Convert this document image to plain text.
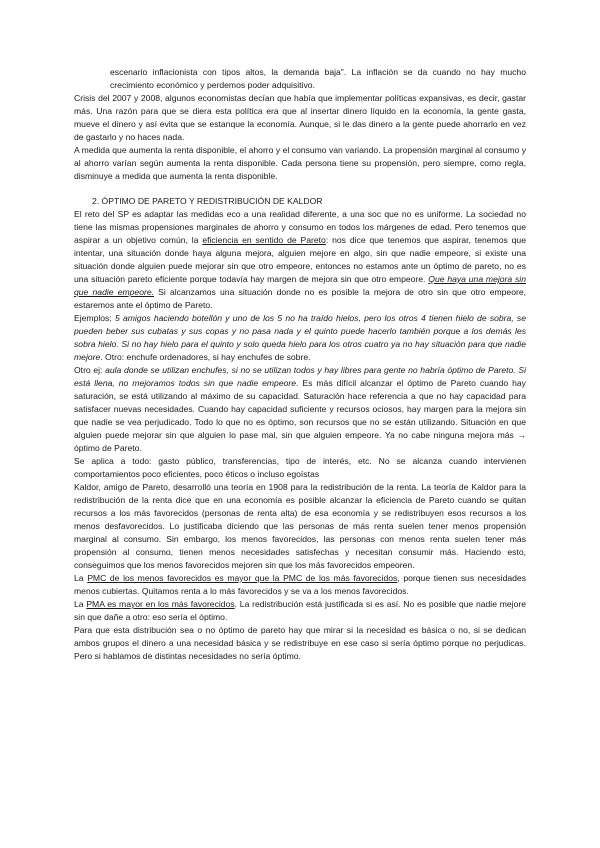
escenario inflacionista con tipos altos, la demanda baja". La inflación se da cuando no hay mucho crecimiento económico y perdemos poder adquisitivo.

Crisis del 2007 y 2008, algunos economistas decían que había que implementar políticas expansivas, es decir, gastar más. Una razón para que se diera esta política era que al insertar dinero líquido en la economía, la gente gasta, mueve el dinero y así evita que se estanque la economía. Aunque, si le das dinero a la gente puede ahorrarlo en vez de gastarlo y no haces nada.

A medida que aumenta la renta disponible, el ahorro y el consumo van variando. La propensión marginal al consumo y al ahorro varían según aumenta la renta disponible. Cada persona tiene su propensión, pero siempre, como regla, disminuye a medida que aumenta la renta disponible.

2. ÓPTIMO DE PARETO Y REDISTRIBUCIÓN DE KALDOR

El reto del SP es adaptar las medidas eco a una realidad diferente, a una soc que no es uniforme. La sociedad no tiene las mismas propensiones marginales de ahorro y consumo en todos los márgenes de edad. Pero tenemos que aspirar a un objetivo común, la eficiencia en sentido de Pareto: nos dice que tenemos que aspirar, tenemos que intentar, una situación donde haya alguna mejora, alguien mejore en algo, sin que nadie empeore, si existe una situación donde alguien puede mejorar sin que otro empeore, entonces no estamos ante un óptimo de pareto, no es una situación pareto eficiente porque todavía hay margen de mejora sin que otro empeore. Que haya una mejora sin que nadie empeore. Si alcanzamos una situación donde no es posible la mejora de otro sin que otro empeore, estaremos ante el óptimo de Pareto.

Ejemplos: 5 amigos haciendo botellón y uno de los 5 no ha traído hielos, pero los otros 4 tienen hielo de sobra, se pueden beber sus cubatas y sus copas y no pasa nada y el quinto puede hacerlo también porque a los demás les sobra hielo. Si no hay hielo para el quinto y solo queda hielo para los otros cuatro ya no hay situación para que nadie mejore. Otro: enchufe ordenadores, si hay enchufes de sobre.

Otro ej: aula donde se utilizan enchufes, si no se utilizan todos y hay libres para gente no habría óptimo de Pareto. Si está llena, no mejoramos todos sin que nadie empeore. Es más difícil alcanzar el óptimo de Pareto cuando hay saturación, se está utilizando al máximo de su capacidad. Saturación hace referencia a que no hay capacidad para satisfacer nuevas necesidades. Cuando hay capacidad suficiente y recursos ociosos, hay margen para la mejora sin que nadie se vea perjudicado. Todo lo que no es óptimo, son recursos que no se están utilizando. Situación en que alguien puede mejorar sin que alguien lo pase mal, sin que alguien empeore. Ya no cabe ninguna mejora más → óptimo de Pareto.

Se aplica a todo: gasto público, transferencias, tipo de interés, etc. No se alcanza cuando intervienen comportamientos poco eficientes, poco éticos o incluso egoístas

Kaldor, amigo de Pareto, desarrolló una teoría en 1908 para la redistribución de la renta. La teoría de Kaldor para la redistribución de la renta dice que en una economía es posible alcanzar la eficiencia de Pareto cuando se quitan recursos a los más favorecidos (personas de renta alta) de esa economía y se redistribuyen esos recursos a los menos desfavorecidos. Lo justificaba diciendo que las personas de más renta suelen tener menos propensión marginal al consumo. Sin embargo, los menos favorecidos, las personas con menos renta suelen tener más propensión al consumo, tienen menos necesidades satisfechas y necesitan consumir más. Haciendo esto, conseguimos que los menos favorecidos mejoren sin que los más favorecidos empeoren.

La PMC de los menos favorecidos es mayor que la PMC de los más favorecidos, porque tienen sus necesidades menos cubiertas. Quitamos renta a lo más favorecidos y se va a los menos favorecidos.

La PMA es mayor en los más favorecidos. La redistribución está justificada si es así. No es posible que nadie mejore sin que dañe a otro: eso sería el óptimo.

Para que esta distribución sea o no óptimo de pareto hay que mirar si la necesidad es básica o no, si se dedican ambos grupos el dinero a una necesidad básica y se redistribuye en ese caso si sería óptimo porque no perjudicas. Pero si hablamos de distintas necesidades no sería óptimo.
